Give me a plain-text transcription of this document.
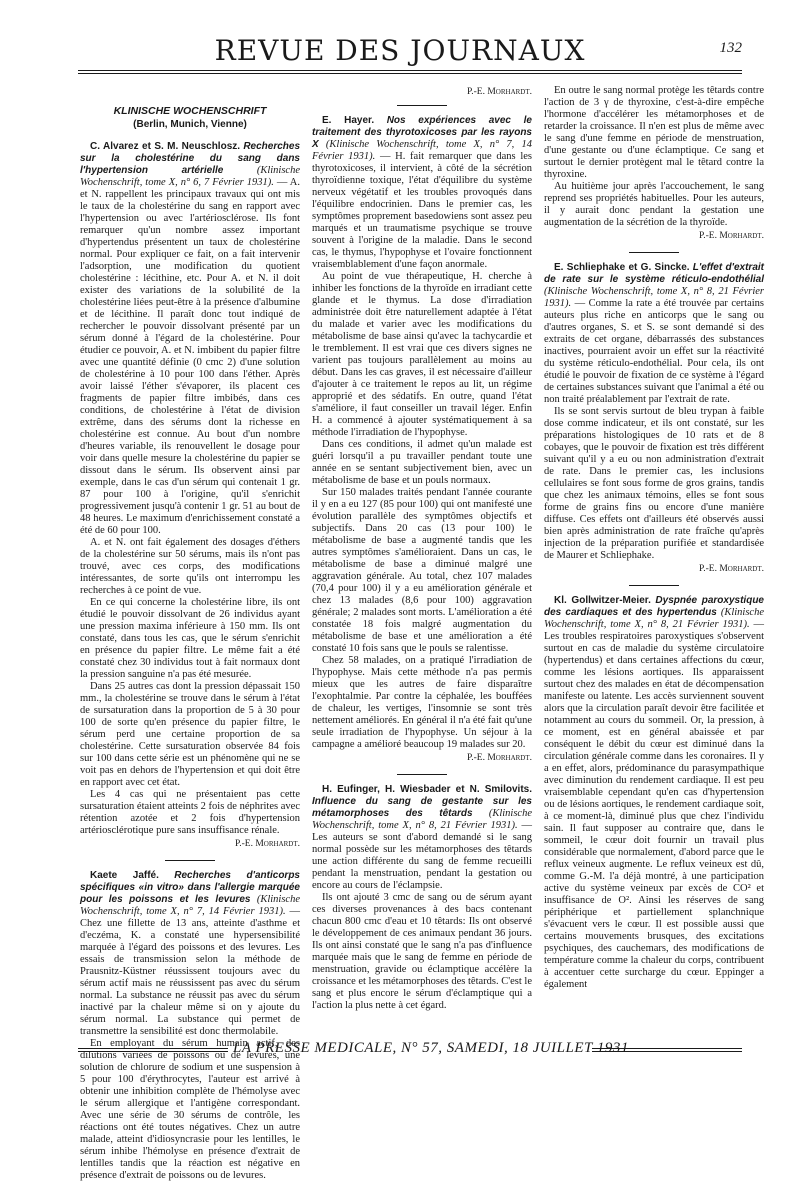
REVUE DES JOURNAUX	132
KLINISCHE WOCHENSCHRIFT
(Berlin, Munich, Vienne)

C. Alvarez et S. M. Neuschlosz. Recherches sur la cholestérine du sang dans l'hypertension artérielle	(Klinische Wochenschrift, tome X, n° 6, 7 Février 1931). — A. et N. rappellent les principaux travaux qui ont mis le taux de la cholestérine du sang en rapport avec l'hypertension ou avec l'artériosclérose. Ils font remarquer qu'un nombre assez important d'hypertendus présentent un taux de cholestérine normal. Pour expliquer ce fait, on a fait intervenir l'adsorption, une modification du quotient cholestérine : lécithine, etc. Pour A. et N. il doit exister des variations de la solubilité de la cholestérine liées peut-être à la présence d'albumine et de lécithine. Il paraît donc tout indiqué de rechercher le pouvoir dissolvant présenté par un sérum donné à l'égard de la cholestérine. Pour étudier ce pouvoir, A. et N. imbibent du papier filtre avec une quantité définie (0 cmc 2) d'une solution de cholestérine à 10 pour 100 dans l'éther. Après avoir laissé l'éther s'évaporer, ils placent ces fragments de papier filtre imbibés, dans ces conditions, de cholestérine à l'état de division extrême, dans des sérums dont la richesse en cholestérine est connue. Au bout d'un nombre d'heures variable, ils renouvellent le dosage pour voir dans quelle mesure la cholestérine du papier se dissout dans le sérum. Ils observent ainsi par exemple, dans le cas d'un sérum qui contenait 1 gr. 87 pour 100 à l'origine, qu'il s'enrichit progressivement jusqu'à contenir 1 gr. 51 au bout de 48 heures. Le maximum d'enrichissement constaté a été de 60 pour 100.

A. et N. ont fait également des dosages d'éthers de la cholestérine sur 50 sérums, mais ils n'ont pas trouvé, avec ces corps, des modifications intéressantes, de sorte qu'ils ont interrompu les recherches à ce point de vue.

En ce qui concerne la cholestérine libre, ils ont étudié le pouvoir dissolvant de 26 individus ayant une pression maxima inférieure à 150 mm. Ils ont constaté, dans tous les cas, que le sérum s'enrichit en présence du papier filtre. Le même fait a été constaté chez 30 individus tout à fait normaux dont la pression sanguine n'a pas été mesurée.

Dans 25 autres cas dont la pression dépassait 150 mm., la cholestérine se trouve dans le sérum à l'état de sursaturation dans la proportion de 5 à 30 pour 100 de sorte qu'en présence du papier filtre, le sérum perd une certaine proportion de sa cholestérine. Cette sursaturation observée 84 fois sur 100 dans cette série est un phénomène qui ne se voit pas en dehors de l'hypertension et qui doit être en rapport avec cet état.

Les 4 cas qui ne présentaient pas cette sursaturation étaient atteints 2 fois de néphrites avec rétention azotée et 2 fois d'hypertension artériosclérotique pure sans insuffisance rénale.

P.-E. Morhardt.

Kaete Jaffé. Recherches d'anticorps spécifiques «in vitro» dans l'allergie marquée pour les poissons et les levures (Klinische Wochenschrift, tome X, n° 7, 14 Février 1931). — Chez une fillette de 13 ans, atteinte d'asthme et d'eczéma, K. a constaté une hypersensibilité marquée à l'égard des poissons et des levures. Les essais de transmission selon la méthode de Prausnitz-Küstner réussissent toujours avec du sérum actif mais ne réussissent pas avec du sérum normal. La substance ne réussit pas avec du sérum inactivé par la chaleur même si on y ajoute du sérum normal. La substance qui permet de transmettre la sensibilité est donc thermolabile.

En employant du sérum humain actif, des dilutions variées de poissons ou de levures, une solution de chlorure de sodium et une suspension à 5 pour 100 d'érythrocytes, l'auteur est arrivé à obtenir une inhibition complète de l'hémolyse avec le sérum allergique et l'antigène correspondant. Avec une série de 30 sérums de contrôle, les réactions ont été toutes négatives. Chez un autre malade, atteint d'idiosyncrasie pour les lentilles, le sérum inhibe l'hémolyse en présence d'extrait de lentilles tandis que la réaction est négative en présence d'extrait de poissons ou de levures.

P.-E. Morhardt.

E. Hayer. Nos expériences avec le traitement des thyrotoxicoses par les rayons X (Klinische Wochenschrift, tome X, n° 7, 14 Février 1931). — H. fait remarquer que dans les thyrotoxicoses, il intervient, à côté de la sécrétion thyroïdienne toxique, l'état d'équilibre du système nerveux végétatif et les troubles provoqués dans l'équilibre endocrinien. Dans le premier cas, les symptômes proprement basedowiens sont assez peu marqués et un traumatisme psychique se trouve souvent à l'origine de la maladie. Dans le second cas, le thymus, l'hypophyse et l'ovaire fonctionnent vraisemblablement d'une façon anormale.

Au point de vue thérapeutique, H. cherche à inhiber les fonctions de la thyroïde en irradiant cette glande et le thymus. La dose d'irradiation administrée doit être naturellement adaptée à l'état du malade et varier avec les modifications du métabolisme de base ainsi qu'avec la tachycardie et le tremblement. Il est vrai que ces divers signes ne varient pas toujours parallèlement au moins au début. Dans les cas graves, il est nécessaire d'ailleur d'ajouter à ce traitement le repos au lit, un régime approprié et des sédatifs. En outre, quand l'état s'améliore, il faut conseiller un travail léger. Enfin H. a commencé à ajouter systématiquement à sa méthode l'irradiation de l'hypophyse.

Dans ces conditions, il admet qu'un malade est guéri lorsqu'il a pu travailler pendant toute une année en se sentant subjectivement bien, avec un métabolisme de base et un pouls normaux.

Sur 150 malades traités pendant l'année courante il y en a eu 127 (85 pour 100) qui ont manifesté une évolution parallèle des symptômes objectifs et subjectifs. Dans 20 cas (13 pour 100) le métabolisme de base a augmenté tandis que les autres symptômes s'amélioraient. Dans un cas, le métabolisme de base a diminué malgré une aggravation générale. Au total, chez 107 malades (70,4 pour 100) il y a eu amélioration générale et chez 13 malades (8,6 pour 100) aggravation générale; 2 malades sont morts. L'amélioration a été constatée 18 fois malgré augmentation du métabolisme de base et une amélioration a été constaté 10 fois sans que le pouls se ralentisse.

Chez 58 malades, on a pratiqué l'irradiation de l'hypophyse. Mais cette méthode n'a pas permis mieux que les autres de faire disparaître l'exophtalmie. Par contre la céphalée, les bouffées de chaleur, les vertiges, l'insomnie se sont très nettement améliorés. En général il n'a été fait qu'une seule irradiation de l'hypophyse. Un séjour à la campagne a amélioré beaucoup 19 malades sur 20.

P.-E. Morhardt.

H. Eufinger, H. Wiesbader et N. Smilovits. Influence du sang de gestante sur les métamorphoses des têtards (Klinische Wochenschrift, tome X, n° 8, 21 Février 1931). — Les auteurs se sont d'abord demandé si le sang normal possède sur les métamorphoses des têtards une action différente du sang de femme recueilli pendant la menstruation, pendant la gestation ou encore au cours de l'éclampsie.

Ils ont ajouté 3 cmc de sang ou de sérum ayant ces diverses provenances à des bacs contenant chacun 800 cmc d'eau et 10 têtards: Ils ont observé le développement de ces animaux pendant 36 jours. Ils ont ainsi constaté que le sang n'a pas d'influence marquée mais que le sang de femme en période de menstruation, gravide ou éclamptique accélère la croissance et les métamorphoses des têtards. C'est le sang et plus encore le sérum d'éclamptique qui a l'action la plus nette à cet égard.

En outre le sang normal protège les têtards contre l'action de 3 γ de thyroxine, c'est-à-dire empêche l'hormone d'accélérer les métamorphoses et de retarder la croissance. Il n'en est plus de même avec le sang d'une femme en période de menstruation, d'une gestante ou d'une éclamptique. Ce sang et surtout le dernier protègent mal le têtard contre la thyroxine.

Au huitième jour après l'accouchement, le sang reprend ses propriétés habituelles. Pour les auteurs, il y aurait donc pendant la gestation une augmentation de la sécrétion de la thyroïde.

P.-E. Morhardt.

E. Schliephake et G. Sincke. L'effet d'extrait de rate sur le système réticulo-endothélial (Klinische Wochenschrift, tome X, n° 8, 21 Février 1931). — Comme la rate a été trouvée par certains auteurs plus riche en anticorps que le sang ou d'autres organes, S. et S. se sont demandé si des extraits de cet organe, débarrassés des substances inactives, pourraient avoir un effet sur la réactivité du système réticulo-endothélial. Pour cela, ils ont étudié le pouvoir de fixation de ce système à l'égard de certaines substances suivant que l'animal a été ou non traité préalablement par l'extrait de rate.

Ils se sont servis surtout de bleu trypan à faible dose comme indicateur, et ils ont constaté, sur les préparations histologiques de 10 rats et de 8 cobayes, que le pouvoir de fixation est très différent suivant qu'il y a eu ou non administration d'extrait de rate. Dans le premier cas, les inclusions cellulaires se font sous forme de gros grains, tandis que chez les animaux témoins, elles se font sous forme de grains fins ou encore d'une manière diffuse. Ces effets ont d'ailleurs été observés aussi bien après administration de rate fraîche qu'après injection de la préparation purifiée et standardisée de Maurer et Schliephake.

P.-E. Morhardt.

Kl. Gollwitzer-Meier. Dyspnée paroxystique des cardiaques et des hypertendus (Klinische Wochenschrift, tome X, n° 8, 21 Février 1931). — Les troubles respiratoires paroxystiques s'observent surtout en cas de maladie du système circulatoire (hypertendus) et dans certaines affections du cœur, comme les lésions aortiques. Ils apparaissent surtout chez des malades en état de décompensation manifeste ou latente. Les accès surviennent souvent alors que la circulation paraît devoir être facilitée et notamment au cours du sommeil. Or, la pression, à ce moment, est en général abaissée et par conséquent le débit du cœur est diminué dans la circulation générale comme dans les coronaires. Il y a en effet, alors, prédominance du parasympathique avec diminution du rendement cardiaque. Il est peu vraisemblable cependant qu'en cas d'hypertension ou de lésions aortiques, le rendement cardiaque soit, à ce moment-là, diminué plus que chez l'individu sain. Il faut supposer au contraire que, dans le sommeil, le cœur doit fournir un travail plus considérable que normalement, d'abord parce que le reflux veineux augmente. Le reflux veineux est dû, comme G.-M. l'a déjà montré, à une participation active du système veineux par excès de CO² et insuffisance de O². Ainsi les réserves de sang périphérique et partiellement splanchnique s'évacuent vers le cœur. Il est possible aussi que certains mouvements brusques, des excitations psychiques, des cauchemars, des modifications de température comme la chaleur du corps, contribuent à accentuer cette surcharge du cœur. Eppinger a également

LA PRESSE MEDICALE, N° 57, SAMEDI, 18 JUILLET 1931
